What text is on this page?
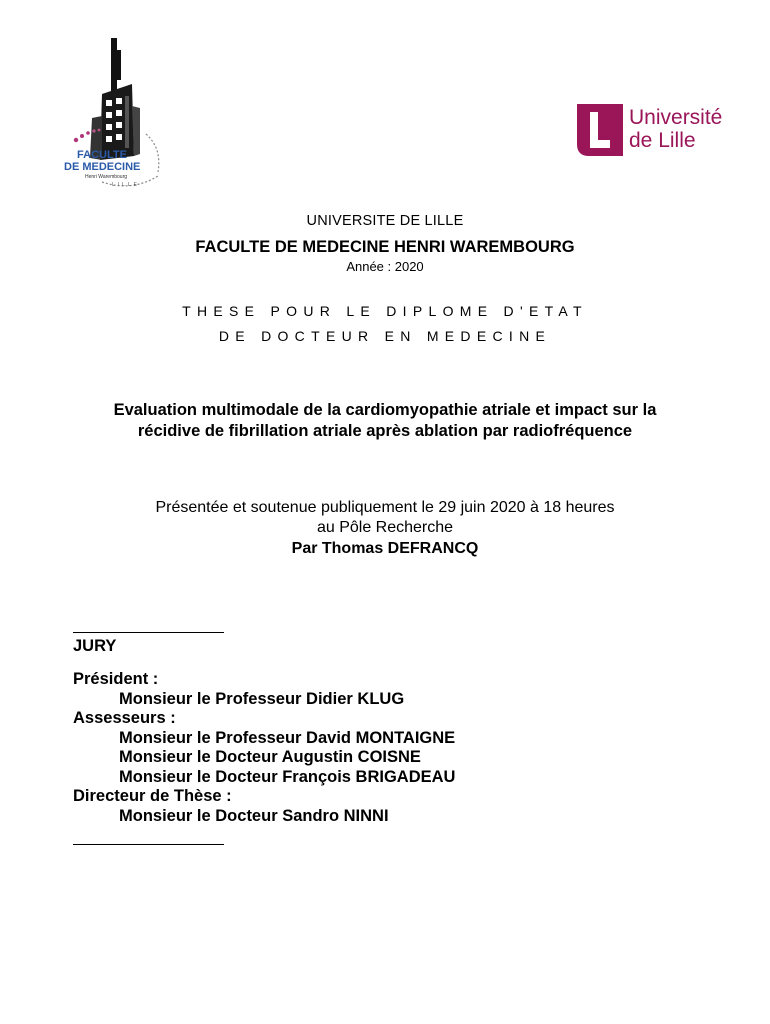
FACULTE
DE MEDECINE
Henri Warembourg
LILLE
Université
de Lille
UNIVERSITE DE LILLE
FACULTE DE MEDECINE HENRI WAREMBOURG
Année : 2020
THESE POUR LE DIPLOME D'ETAT
DE DOCTEUR EN MEDECINE
Evaluation multimodale de la cardiomyopathie atriale et impact sur la
récidive de fibrillation atriale après ablation par radiofréquence
Présentée et soutenue publiquement le 29 juin 2020 à 18 heures
au Pôle Recherche
Par Thomas DEFRANCQ
JURY
Président :
Monsieur le Professeur Didier KLUG
Assesseurs :
Monsieur le Professeur David MONTAIGNE
Monsieur le Docteur Augustin COISNE
Monsieur le Docteur François BRIGADEAU
Directeur de Thèse :
Monsieur le Docteur Sandro NINNI
